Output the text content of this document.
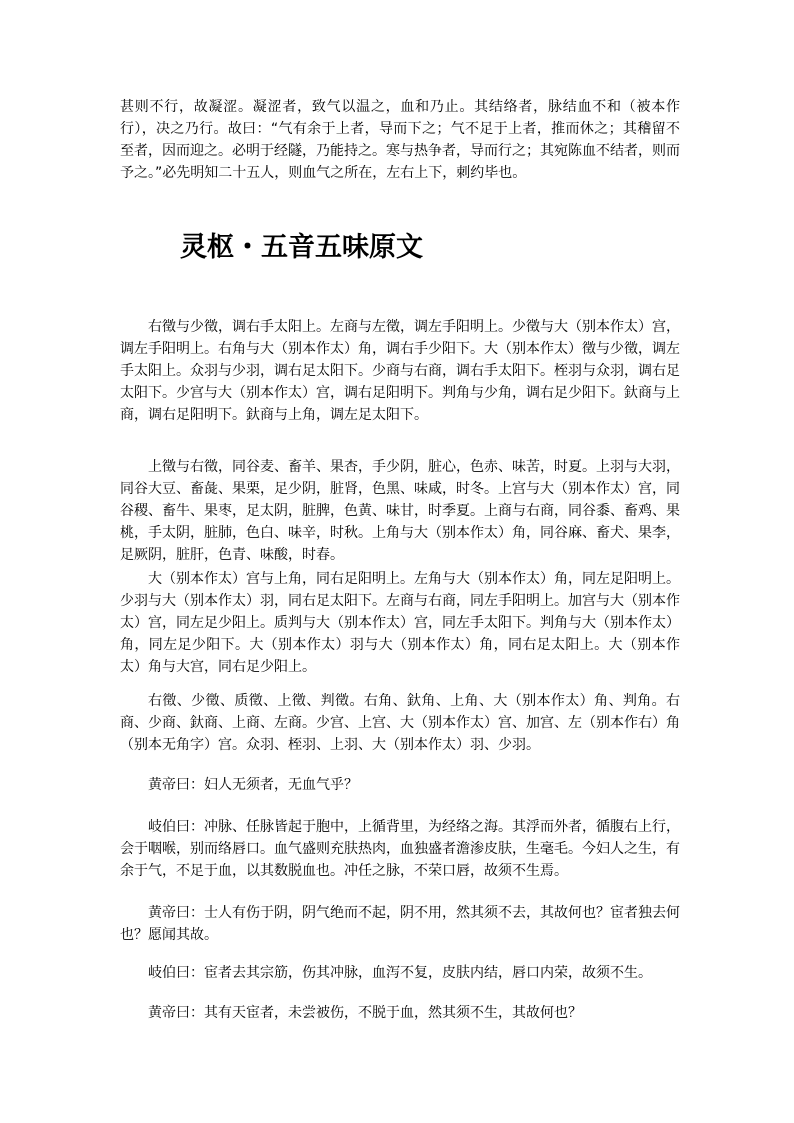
甚则不行，故凝涩。凝涩者，致气以温之，血和乃止。其结络者，脉结血不和（被本作行），决之乃行。故曰：“气有余于上者，导而下之；气不足于上者，推而休之；其稽留不至者，因而迎之。必明于经隧，乃能持之。寒与热争者，导而行之；其宛陈血不结者，则而予之。”必先明知二十五人，则血气之所在，左右上下，刺约毕也。

灵枢・五音五味原文

右徵与少徵，调右手太阳上。左商与左徵，调左手阳明上。少徵与大（别本作太）宫，调左手阳明上。右角与大（别本作太）角，调右手少阳下。大（别本作太）徵与少徵，调左手太阳上。众羽与少羽，调右足太阳下。少商与右商，调右手太阳下。桎羽与众羽，调右足太阳下。少宫与大（别本作太）宫，调右足阳明下。判角与少角，调右足少阳下。釱商与上商，调右足阳明下。釱商与上角，调左足太阳下。

上徵与右徵，同谷麦、畜羊、果杏，手少阴，脏心，色赤、味苦，时夏。上羽与大羽，同谷大豆、畜彘、果栗，足少阴，脏肾，色黑、味咸，时冬。上宫与大（别本作太）宫，同谷稷、畜牛、果枣，足太阴，脏脾，色黄、味甘，时季夏。上商与右商，同谷黍、畜鸡、果桃，手太阴，脏肺，色白、味辛，时秋。上角与大（别本作太）角，同谷麻、畜犬、果李，足厥阴，脏肝，色青、味酸，时春。

大（别本作太）宫与上角，同右足阳明上。左角与大（别本作太）角，同左足阳明上。少羽与大（别本作太）羽，同右足太阳下。左商与右商，同左手阳明上。加宫与大（别本作太）宫，同左足少阳上。质判与大（别本作太）宫，同左手太阳下。判角与大（别本作太）角，同左足少阳下。大（别本作太）羽与大（别本作太）角，同右足太阳上。大（别本作太）角与大宫，同右足少阳上。

右徵、少徵、质徵、上徵、判徵。右角、釱角、上角、大（别本作太）角、判角。右商、少商、釱商、上商、左商。少宫、上宫、大（别本作太）宫、加宫、左（别本作右）角（别本无角字）宫。众羽、桎羽、上羽、大（别本作太）羽、少羽。

黄帝曰：妇人无须者，无血气乎？

岐伯曰：冲脉、任脉皆起于胞中，上循背里，为经络之海。其浮而外者，循腹右上行，会于咽喉，别而络唇口。血气盛则充肤热肉，血独盛者澹渗皮肤，生毫毛。今妇人之生，有余于气，不足于血，以其数脱血也。冲任之脉，不荣口唇，故须不生焉。

黄帝曰：士人有伤于阴，阴气绝而不起，阴不用，然其须不去，其故何也？宦者独去何也？愿闻其故。

岐伯曰：宦者去其宗筋，伤其冲脉，血泻不复，皮肤内结，唇口内荣，故须不生。

黄帝曰：其有天宦者，未尝被伤，不脱于血，然其须不生，其故何也？
